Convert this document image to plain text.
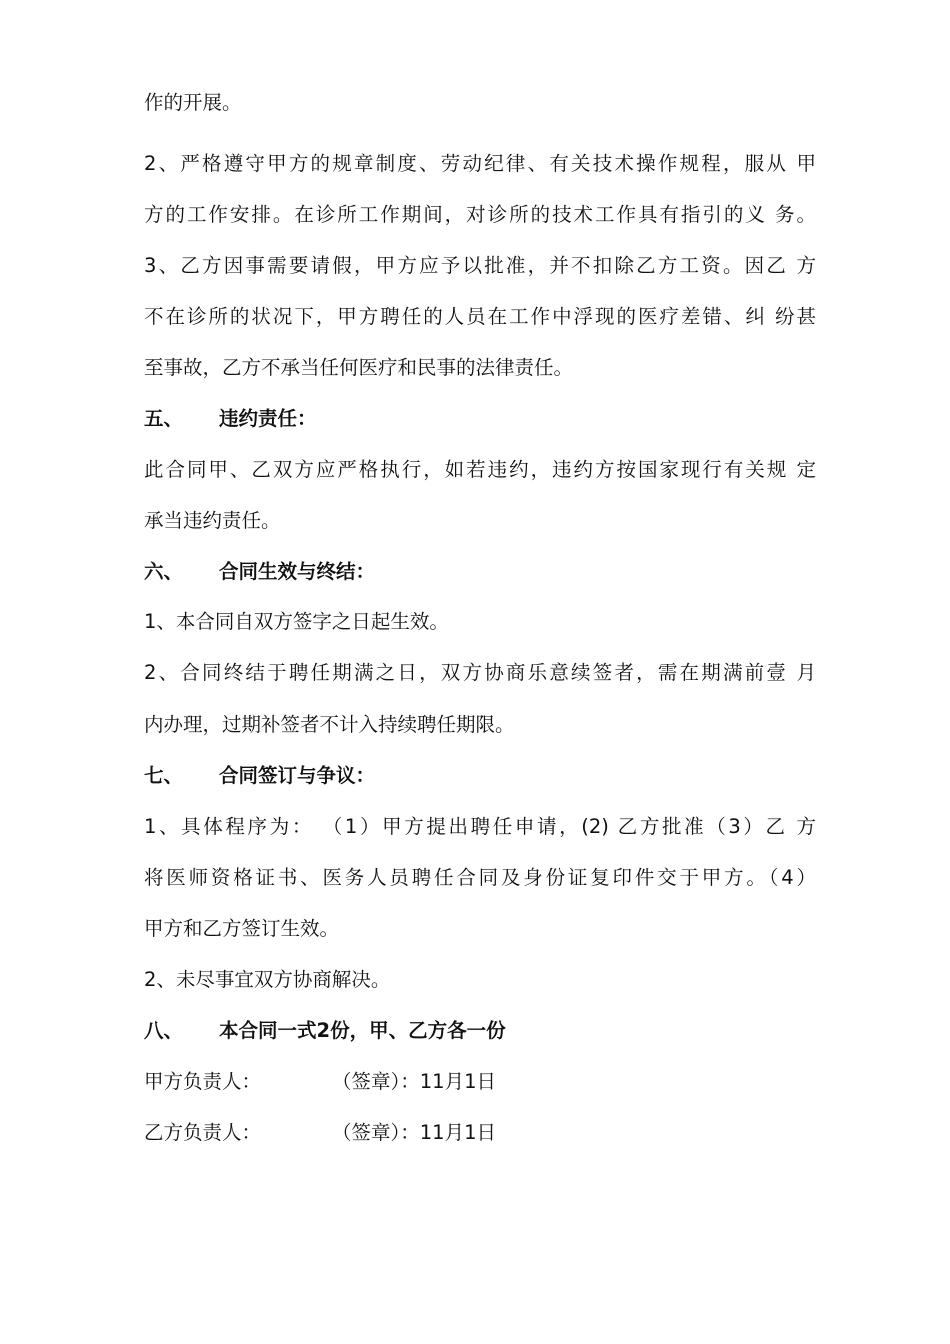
作的开展。
2、严格遵守甲方的规章制度、劳动纪律、有关技术操作规程，服从 甲
方的工作安排。在诊所工作期间，对诊所的技术工作具有指引的义 务。
3、乙方因事需要请假，甲方应予以批准，并不扣除乙方工资。因乙 方
不在诊所的状况下，甲方聘任的人员在工作中浮现的医疗差错、纠 纷甚
至事故，乙方不承当任何医疗和民事的法律责任。
五、 违约责任：
此合同甲、乙双方应严格执行，如若违约，违约方按国家现行有关规 定
承当违约责任。
六、 合同生效与终结：
1、本合同自双方签字之日起生效。
2、合同终结于聘任期满之日，双方协商乐意续签者，需在期满前壹 月
内办理，过期补签者不计入持续聘任期限。
七、 合同签订与争议：
1、具体程序为： （1）甲方提出聘任申请，(2) 乙方批准（3）乙 方
将医师资格证书、医务人员聘任合同及身份证复印件交于甲方。（4）
甲方和乙方签订生效。
2、未尽事宜双方协商解决。
八、 本合同一式2份，甲、乙方各一份
甲方负责人：	（签章）：11月1日
乙方负责人：	（签章）：11月1日
